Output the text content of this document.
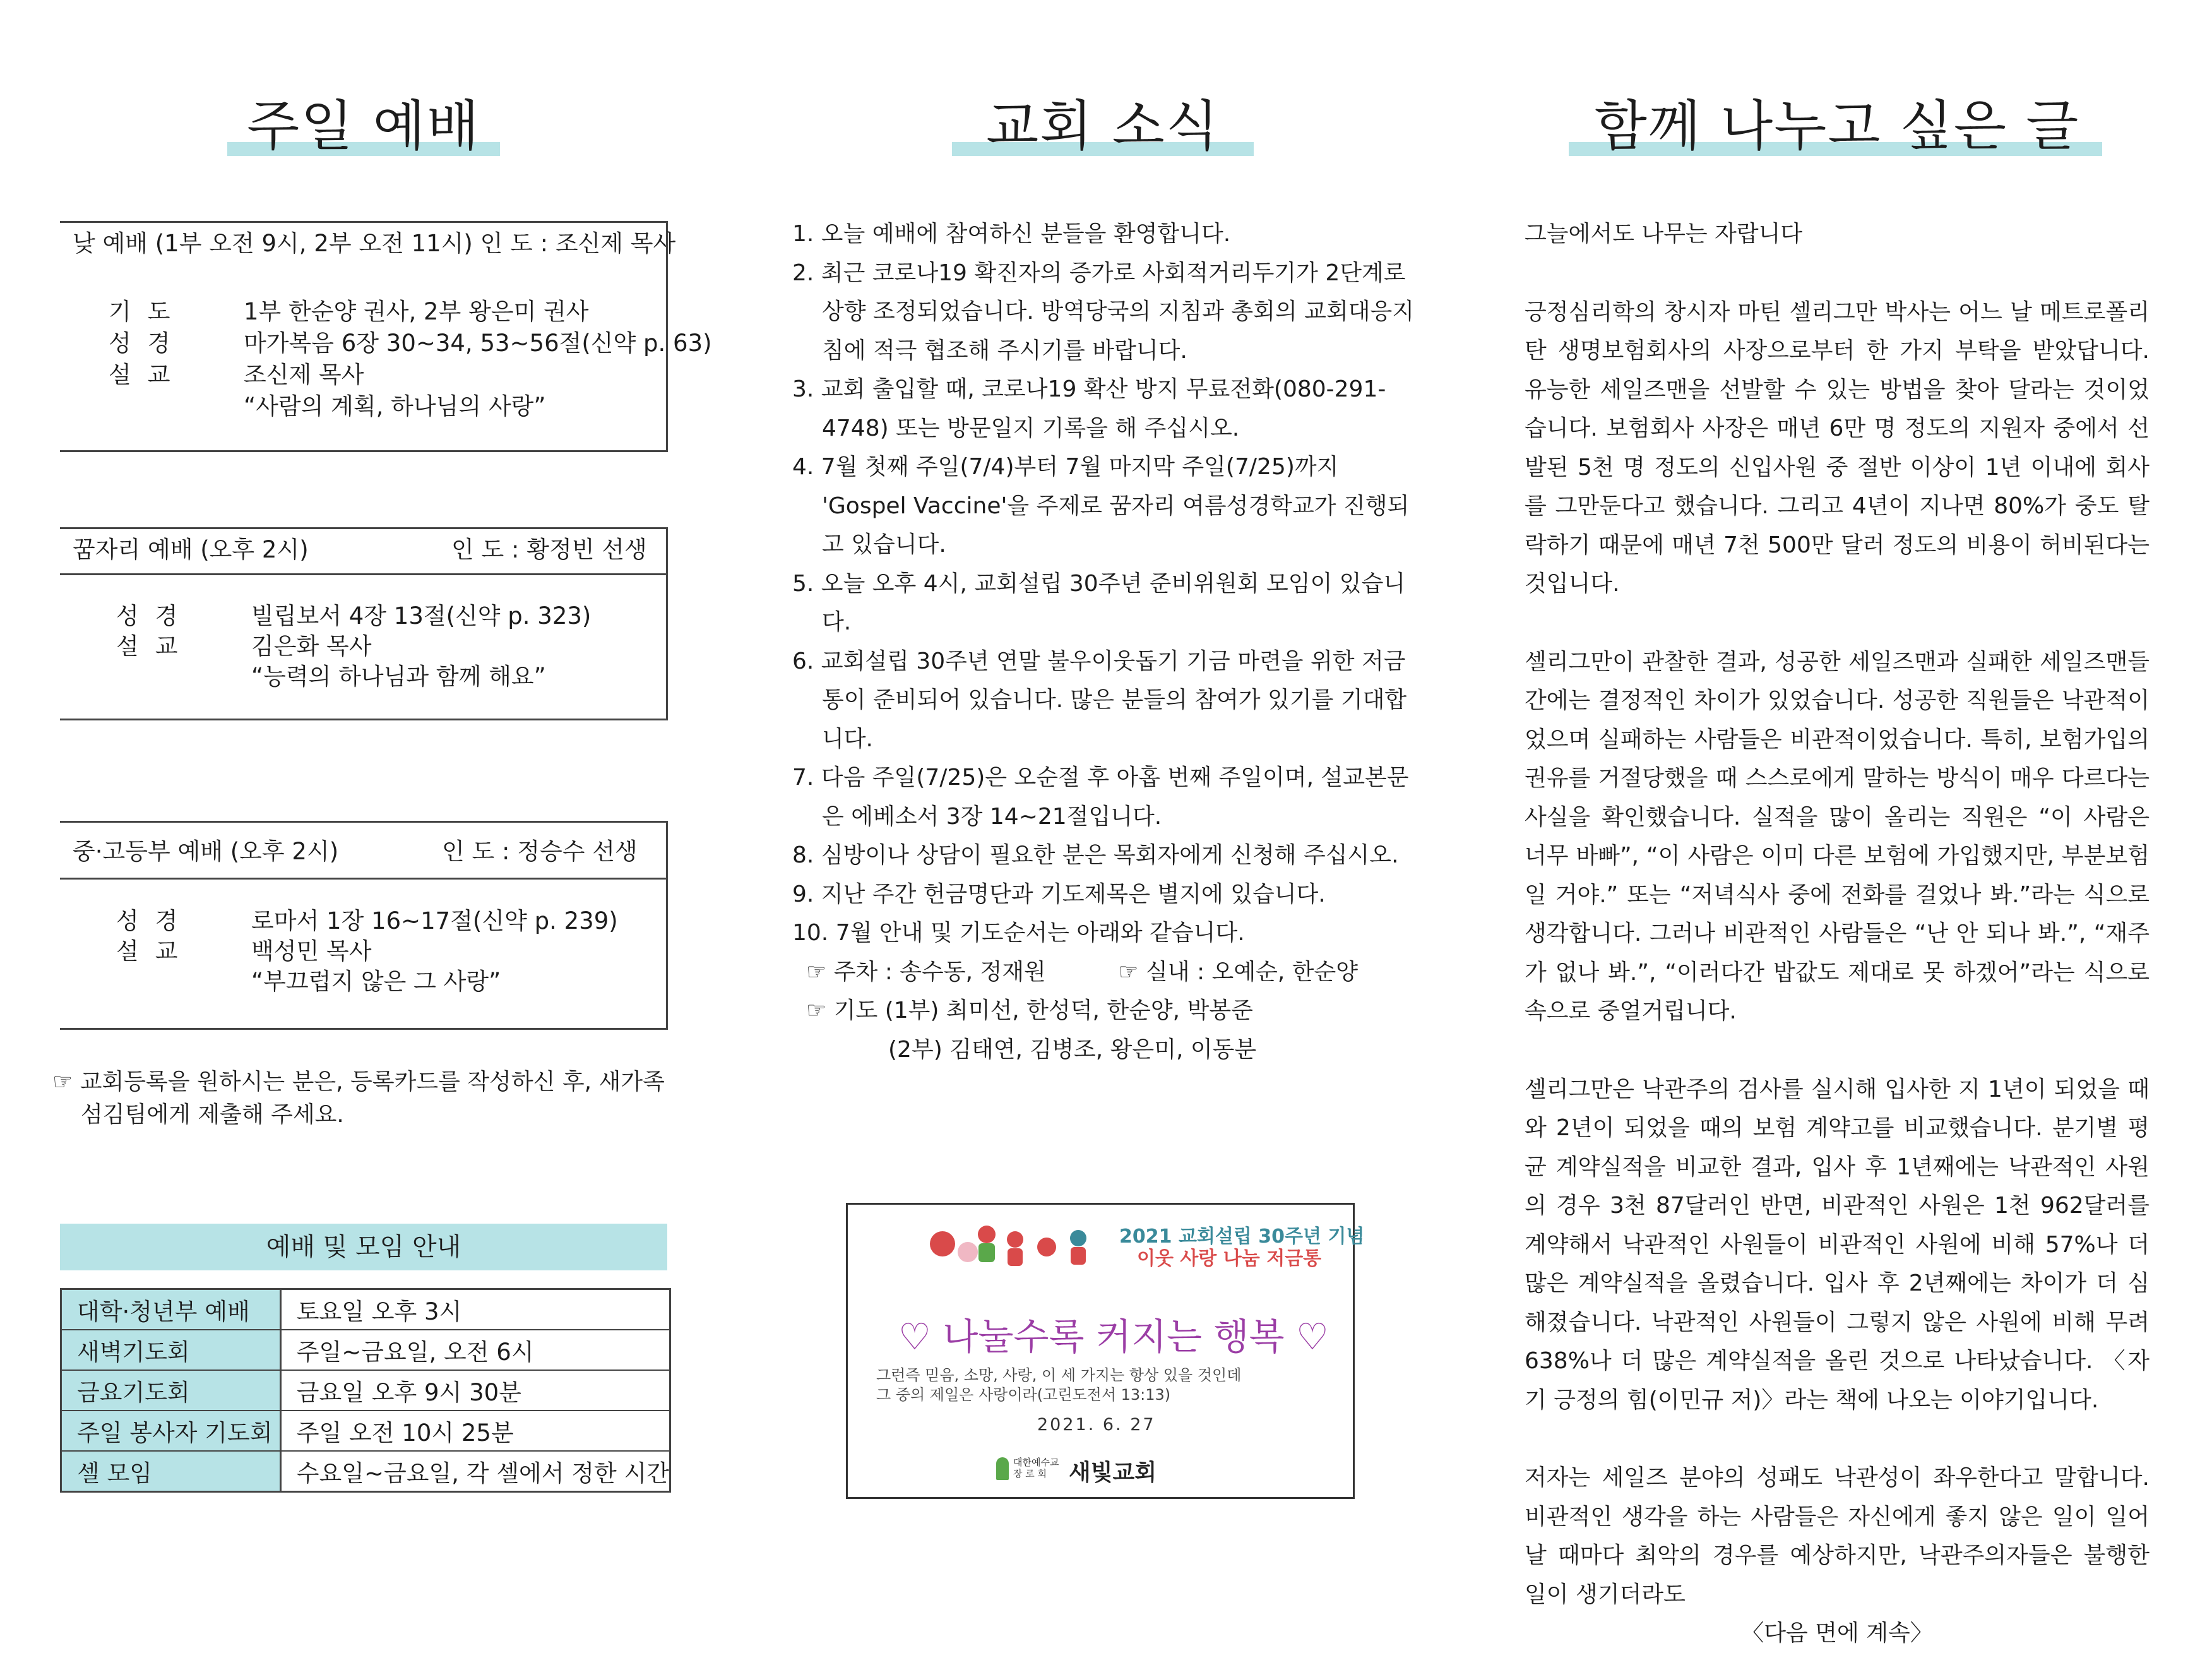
주일 예배
낮 예배 (1부 오전 9시, 2부 오전 11시) 인 도 : 조신제 목사
기도 1부 한순양 권사, 2부 왕은미 권사
성경 마가복음 6장 30~34, 53~56절(신약 p. 63)
설교 조신제 목사
“사람의 계획, 하나님의 사랑”
꿈자리 예배 (오후 2시)	인 도 : 황정빈 선생
성경 빌립보서 4장 13절(신약 p. 323)
설교 김은화 목사
“능력의 하나님과 함께 해요”
중·고등부 예배 (오후 2시)	인 도 : 정승수 선생
성경 로마서 1장 16~17절(신약 p. 239)
설교 백성민 목사
“부끄럽지 않은 그 사랑”
☞ 교회등록을 원하시는 분은, 등록카드를 작성하신 후, 새가족
섬김팀에게 제출해 주세요.
예배 및 모임 안내
대학·청년부 예배	토요일 오후 3시
새벽기도회	주일~금요일, 오전 6시
금요기도회	금요일 오후 9시 30분
주일 봉사자 기도회	주일 오전 10시 25분
셀 모임	수요일~금요일, 각 셀에서 정한 시간
교회 소식
1. 오늘 예배에 참여하신 분들을 환영합니다.
2. 최근 코로나19 확진자의 증가로 사회적거리두기가 2단계로 상향 조정되었습니다. 방역당국의 지침과 총회의 교회대응지침에 적극 협조해 주시기를 바랍니다.
3. 교회 출입할 때, 코로나19 확산 방지 무료전화(080-291-4748) 또는 방문일지 기록을 해 주십시오.
4. 7월 첫째 주일(7/4)부터 7월 마지막 주일(7/25)까지 'Gospel Vaccine'을 주제로 꿈자리 여름성경학교가 진행되고 있습니다.
5. 오늘 오후 4시, 교회설립 30주년 준비위원회 모임이 있습니다.
6. 교회설립 30주년 연말 불우이웃돕기 기금 마련을 위한 저금통이 준비되어 있습니다. 많은 분들의 참여가 있기를 기대합니다.
7. 다음 주일(7/25)은 오순절 후 아홉 번째 주일이며, 설교본문은 에베소서 3장 14~21절입니다.
8. 심방이나 상담이 필요한 분은 목회자에게 신청해 주십시오.
9. 지난 주간 헌금명단과 기도제목은 별지에 있습니다.
10. 7월 안내 및 기도순서는 아래와 같습니다.
☞ 주차 : 송수동, 정재원          ☞ 실내 : 오예순, 한순양
☞ 기도 (1부) 최미선, 한성덕, 한순양, 박봉준
(2부) 김태연, 김병조, 왕은미, 이동분
2021 교회설립 30주년 기념
이웃 사랑 나눔 저금통
♡ 나눌수록 커지는 행복 ♡
그런즉 믿음, 소망, 사랑, 이 세 가지는 항상 있을 것인데
그 중의 제일은 사랑이라(고린도전서 13:13)
2021. 6. 27
대한예수교
장 로 회 새빛교회
함께 나누고 싶은 글

그늘에서도 나무는 자랍니다

긍정심리학의 창시자 마틴 셀리그만 박사는 어느 날 메트로폴리탄 생명보험회사의 사장으로부터 한 가지 부탁을 받았답니다. 유능한 세일즈맨을 선발할 수 있는 방법을 찾아 달라는 것이었습니다. 보험회사 사장은 매년 6만 명 정도의 지원자 중에서 선발된 5천 명 정도의 신입사원 중 절반 이상이 1년 이내에 회사를 그만둔다고 했습니다. 그리고 4년이 지나면 80%가 중도 탈락하기 때문에 매년 7천 500만 달러 정도의 비용이 허비된다는 것입니다.

셀리그만이 관찰한 결과, 성공한 세일즈맨과 실패한 세일즈맨들 간에는 결정적인 차이가 있었습니다. 성공한 직원들은 낙관적이었으며 실패하는 사람들은 비관적이었습니다. 특히, 보험가입의 권유를 거절당했을 때 스스로에게 말하는 방식이 매우 다르다는 사실을 확인했습니다. 실적을 많이 올리는 직원은 “이 사람은 너무 바빠”, “이 사람은 이미 다른 보험에 가입했지만, 부분보험일 거야.” 또는 “저녁식사 중에 전화를 걸었나 봐.”라는 식으로 생각합니다. 그러나 비관적인 사람들은 “난 안 되나 봐.”, “재주가 없나 봐.”, “이러다간 밥값도 제대로 못 하겠어”라는 식으로 속으로 중얼거립니다.

셀리그만은 낙관주의 검사를 실시해 입사한 지 1년이 되었을 때와 2년이 되었을 때의 보험 계약고를 비교했습니다. 분기별 평균 계약실적을 비교한 결과, 입사 후 1년째에는 낙관적인 사원의 경우 3천 87달러인 반면, 비관적인 사원은 1천 962달러를 계약해서 낙관적인 사원들이 비관적인 사원에 비해 57%나 더 많은 계약실적을 올렸습니다. 입사 후 2년째에는 차이가 더 심해졌습니다. 낙관적인 사원들이 그렇지 않은 사원에 비해 무려 638%나 더 많은 계약실적을 올린 것으로 나타났습니다. 〈자기 긍정의 힘(이민규 저)〉라는 책에 나오는 이야기입니다.

저자는 세일즈 분야의 성패도 낙관성이 좌우한다고 말합니다. 비관적인 생각을 하는 사람들은 자신에게 좋지 않은 일이 일어날 때마다 최악의 경우를 예상하지만, 낙관주의자들은 불행한 일이 생기더라도

〈다음 면에 계속〉
